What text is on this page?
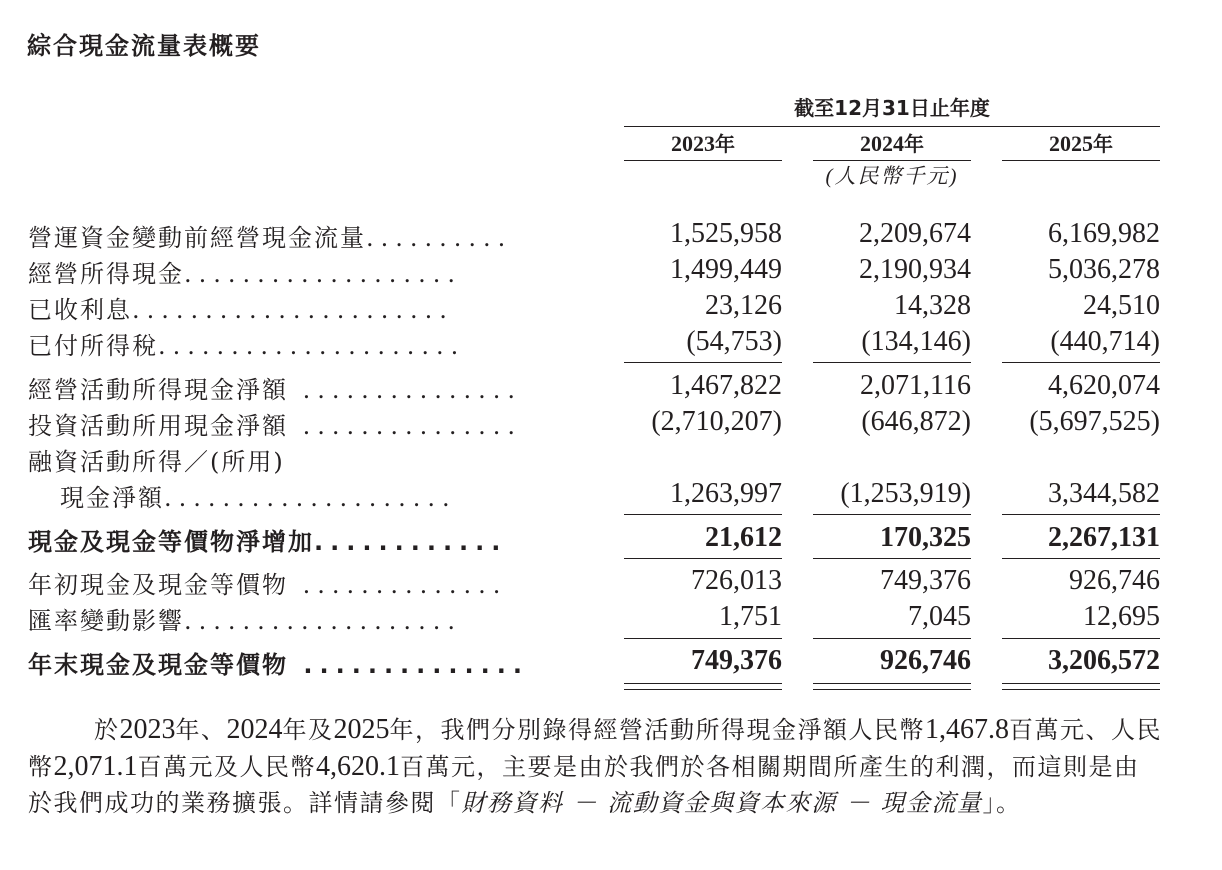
綜合現金流量表概要
截至12月31日止年度
2023年	2024年	2025年
(人民幣千元)
營運資金變動前經營現金流量..........	1,525,958	2,209,674	6,169,982
經營所得現金...................	1,499,449	2,190,934	5,036,278
已收利息......................	23,126	14,328	24,510
已付所得稅.....................	(54,753)	(134,146)	(440,714)
經營活動所得現金淨額 ...............	1,467,822	2,071,116	4,620,074
投資活動所用現金淨額 ...............	(2,710,207)	(646,872)	(5,697,525)
融資活動所得／(所用)
現金淨額....................	1,263,997	(1,253,919)	3,344,582
現金及現金等價物淨增加............	21,612	170,325	2,267,131
年初現金及現金等價物 ..............	726,013	749,376	926,746
匯率變動影響...................	1,751	7,045	12,695
年末現金及現金等價物 ..............	749,376	926,746	3,206,572
於2023年、2024年及2025年，我們分別錄得經營活動所得現金淨額人民幣1,467.8百萬元、人民幣2,071.1百萬元及人民幣4,620.1百萬元，主要是由於我們於各相關期間所產生的利潤，而這則是由於我們成功的業務擴張。詳情請參閱「財務資料 － 流動資金與資本來源 － 現金流量」。
